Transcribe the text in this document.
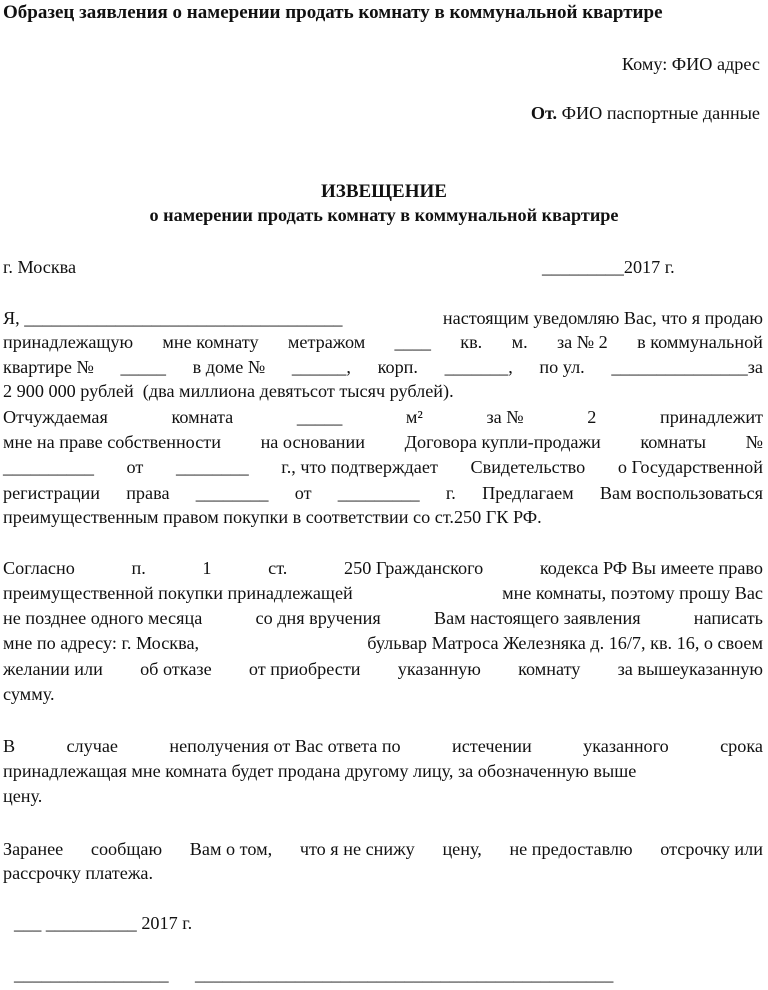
Образец заявления о намерении продать комнату в коммунальной квартире
Кому: ФИО адрес
От. ФИО паспортные данные
ИЗВЕЩЕНИЕ
о намерении продать комнату в коммунальной квартире
г. Москва	_________2017 г.
Я, ___________________________________	настоящим уведомляю Вас, что я продаю
принадлежащую мне комнату метражом ____ кв. м. за № 2 в коммунальной
квартире № _____ в доме № ______, корп. _______, по ул. _______________за
2 900 000 рублей  (два миллиона девятьсот тысяч рублей).
Отчуждаемая	комната	_____	м²	за №	2	принадлежит
мне на праве собственности на основании Договора купли-продажи комнаты №
__________ от ________ г., что подтверждает Свидетельство о Государственной
регистрации права ________ от _________ г. Предлагаем Вам воспользоваться
преимущественным правом покупки в соответствии со ст.250 ГК РФ.
Согласно	п.	1	ст.	250 Гражданского	кодекса РФ Вы имеете право
преимущественной покупки принадлежащей	мне комнаты, поэтому прошу Вас
не позднее одного месяца	со дня вручения	Вам настоящего заявления	написать
мне по адресу: г. Москва,	бульвар Матроса Железняка д. 16/7, кв. 16, о своем
желании или об отказе от приобрести указанную комнату за вышеуказанную
сумму.
В	случае	неполучения от Вас ответа по	истечении	указанного	срока
принадлежащая мне комната будет продана другому лицу, за обозначенную выше
цену.
Заранее сообщаю Вам о том, что я не снижу цену, не предоставлю отсрочку или
рассрочку платежа.
___ __________ 2017 г.
_________________ ______________________________________________
